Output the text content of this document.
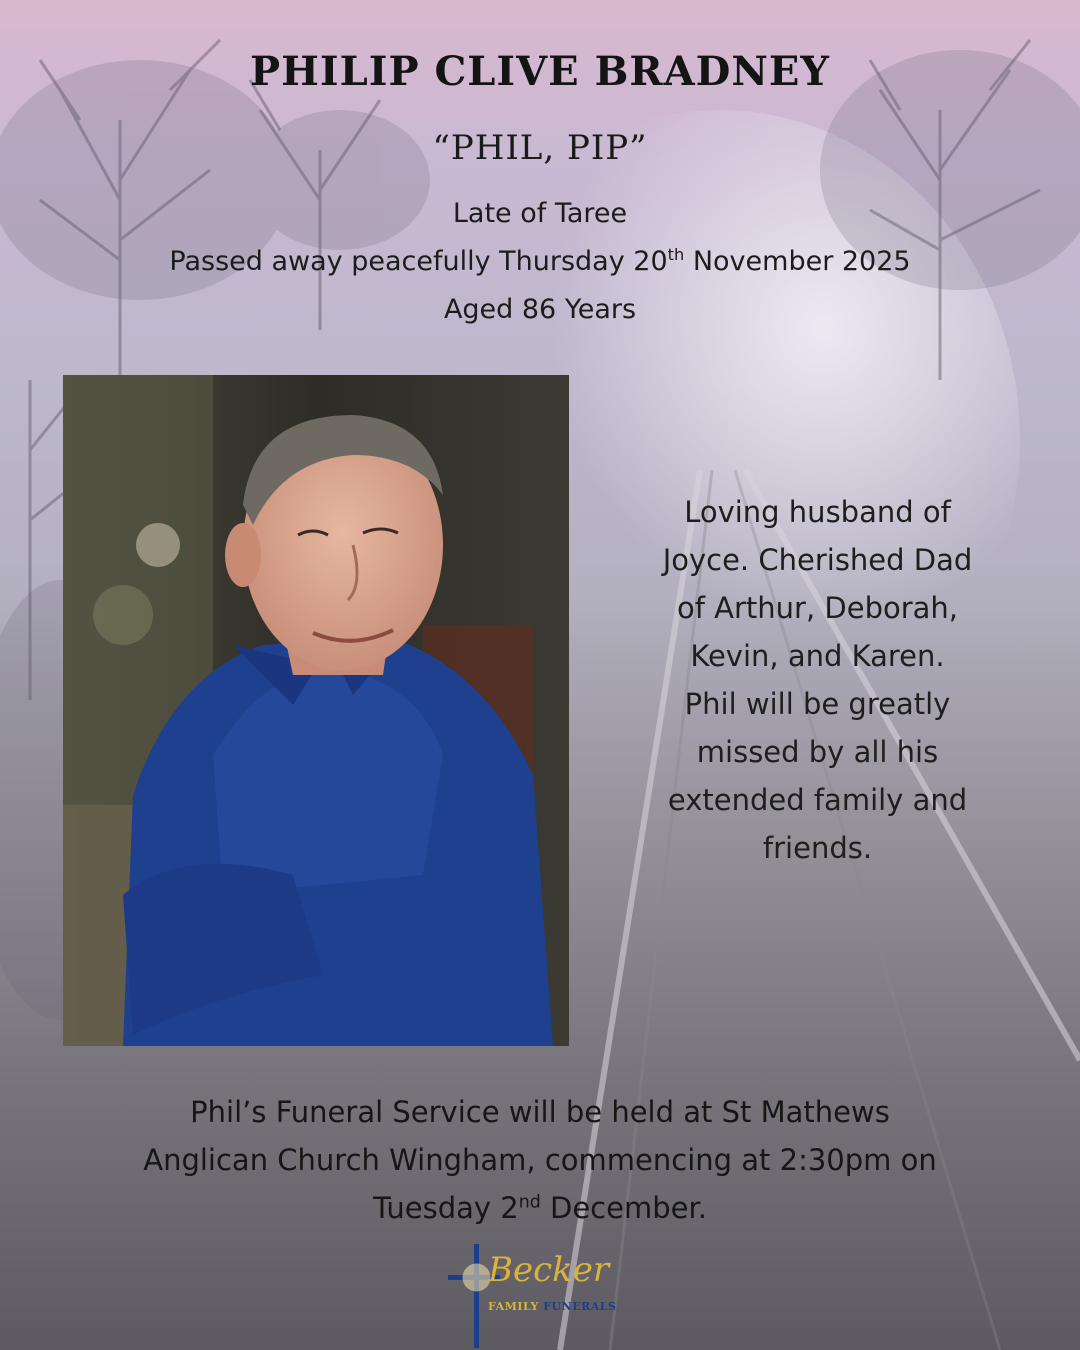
PHILIP CLIVE BRADNEY
“PHIL, PIP”
Late of Taree
Passed away peacefully Thursday 20th November 2025
Aged 86 Years
Loving husband of
Joyce. Cherished Dad
of Arthur, Deborah,
Kevin, and Karen.
Phil will be greatly
missed by all his
extended family and
friends.
Phil’s Funeral Service will be held at St Mathews
Anglican Church Wingham, commencing at 2:30pm on
Tuesday 2nd December.
Becker
FAMILY FUNERALS
